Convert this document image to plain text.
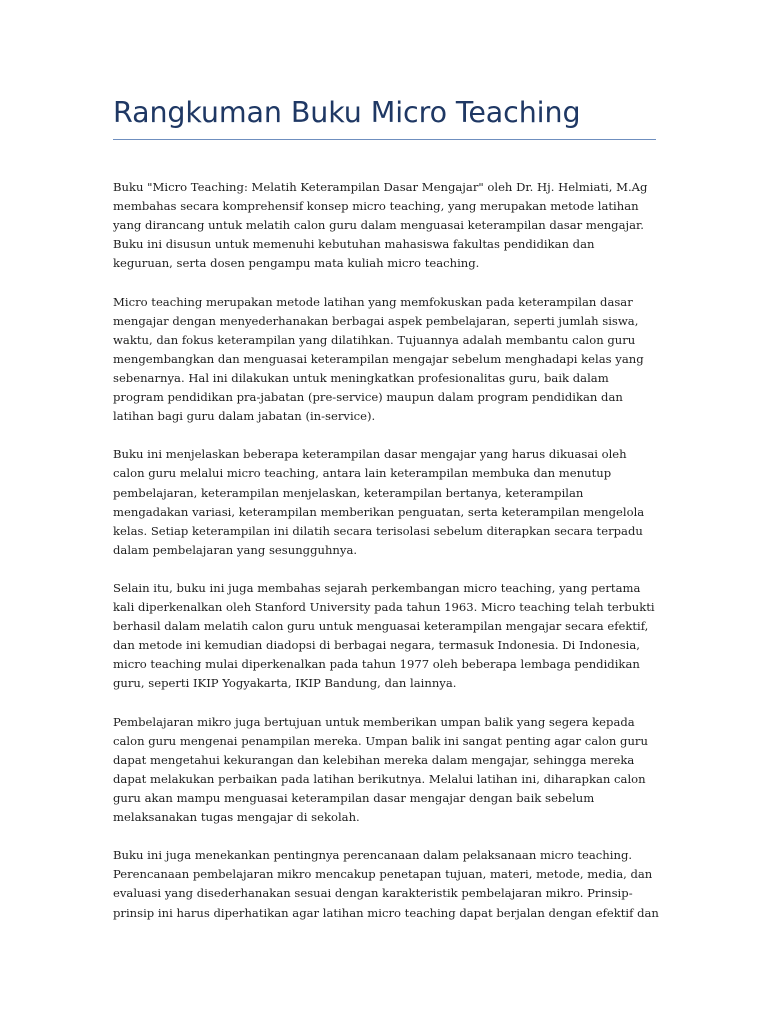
Rangkuman Buku Micro Teaching

Buku "Micro Teaching: Melatih Keterampilan Dasar Mengajar" oleh Dr. Hj. Helmiati, M.Ag
membahas secara komprehensif konsep micro teaching, yang merupakan metode latihan
yang dirancang untuk melatih calon guru dalam menguasai keterampilan dasar mengajar.
Buku ini disusun untuk memenuhi kebutuhan mahasiswa fakultas pendidikan dan
keguruan, serta dosen pengampu mata kuliah micro teaching.

Micro teaching merupakan metode latihan yang memfokuskan pada keterampilan dasar
mengajar dengan menyederhanakan berbagai aspek pembelajaran, seperti jumlah siswa,
waktu, dan fokus keterampilan yang dilatihkan. Tujuannya adalah membantu calon guru
mengembangkan dan menguasai keterampilan mengajar sebelum menghadapi kelas yang
sebenarnya. Hal ini dilakukan untuk meningkatkan profesionalitas guru, baik dalam
program pendidikan pra-jabatan (pre-service) maupun dalam program pendidikan dan
latihan bagi guru dalam jabatan (in-service).

Buku ini menjelaskan beberapa keterampilan dasar mengajar yang harus dikuasai oleh
calon guru melalui micro teaching, antara lain keterampilan membuka dan menutup
pembelajaran, keterampilan menjelaskan, keterampilan bertanya, keterampilan
mengadakan variasi, keterampilan memberikan penguatan, serta keterampilan mengelola
kelas. Setiap keterampilan ini dilatih secara terisolasi sebelum diterapkan secara terpadu
dalam pembelajaran yang sesungguhnya.

Selain itu, buku ini juga membahas sejarah perkembangan micro teaching, yang pertama
kali diperkenalkan oleh Stanford University pada tahun 1963. Micro teaching telah terbukti
berhasil dalam melatih calon guru untuk menguasai keterampilan mengajar secara efektif,
dan metode ini kemudian diadopsi di berbagai negara, termasuk Indonesia. Di Indonesia,
micro teaching mulai diperkenalkan pada tahun 1977 oleh beberapa lembaga pendidikan
guru, seperti IKIP Yogyakarta, IKIP Bandung, dan lainnya.

Pembelajaran mikro juga bertujuan untuk memberikan umpan balik yang segera kepada
calon guru mengenai penampilan mereka. Umpan balik ini sangat penting agar calon guru
dapat mengetahui kekurangan dan kelebihan mereka dalam mengajar, sehingga mereka
dapat melakukan perbaikan pada latihan berikutnya. Melalui latihan ini, diharapkan calon
guru akan mampu menguasai keterampilan dasar mengajar dengan baik sebelum
melaksanakan tugas mengajar di sekolah.

Buku ini juga menekankan pentingnya perencanaan dalam pelaksanaan micro teaching.
Perencanaan pembelajaran mikro mencakup penetapan tujuan, materi, metode, media, dan
evaluasi yang disederhanakan sesuai dengan karakteristik pembelajaran mikro. Prinsip-
prinsip ini harus diperhatikan agar latihan micro teaching dapat berjalan dengan efektif dan
